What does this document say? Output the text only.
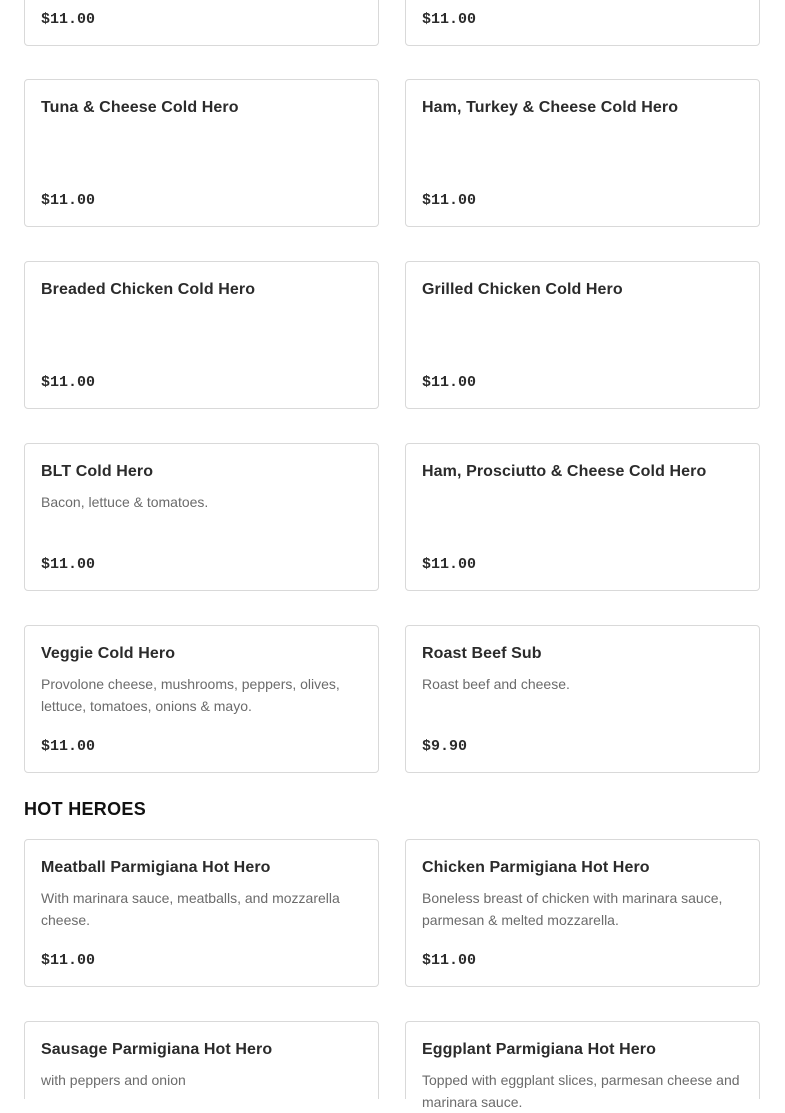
$11.00	$11.00
Tuna & Cheese Cold Hero
$11.00
Ham, Turkey & Cheese Cold Hero
$11.00
Breaded Chicken Cold Hero
$11.00
Grilled Chicken Cold Hero
$11.00
BLT Cold Hero
Bacon, lettuce & tomatoes.
$11.00
Ham, Prosciutto & Cheese Cold Hero
$11.00
Veggie Cold Hero
Provolone cheese, mushrooms, peppers, olives, lettuce, tomatoes, onions & mayo.
$11.00
Roast Beef Sub
Roast beef and cheese.
$9.90
HOT HEROES
Meatball Parmigiana Hot Hero
With marinara sauce, meatballs, and mozzarella cheese.
$11.00
Chicken Parmigiana Hot Hero
Boneless breast of chicken with marinara sauce, parmesan & melted mozzarella.
$11.00
Sausage Parmigiana Hot Hero
with peppers and onion
Eggplant Parmigiana Hot Hero
Topped with eggplant slices, parmesan cheese and marinara sauce.
